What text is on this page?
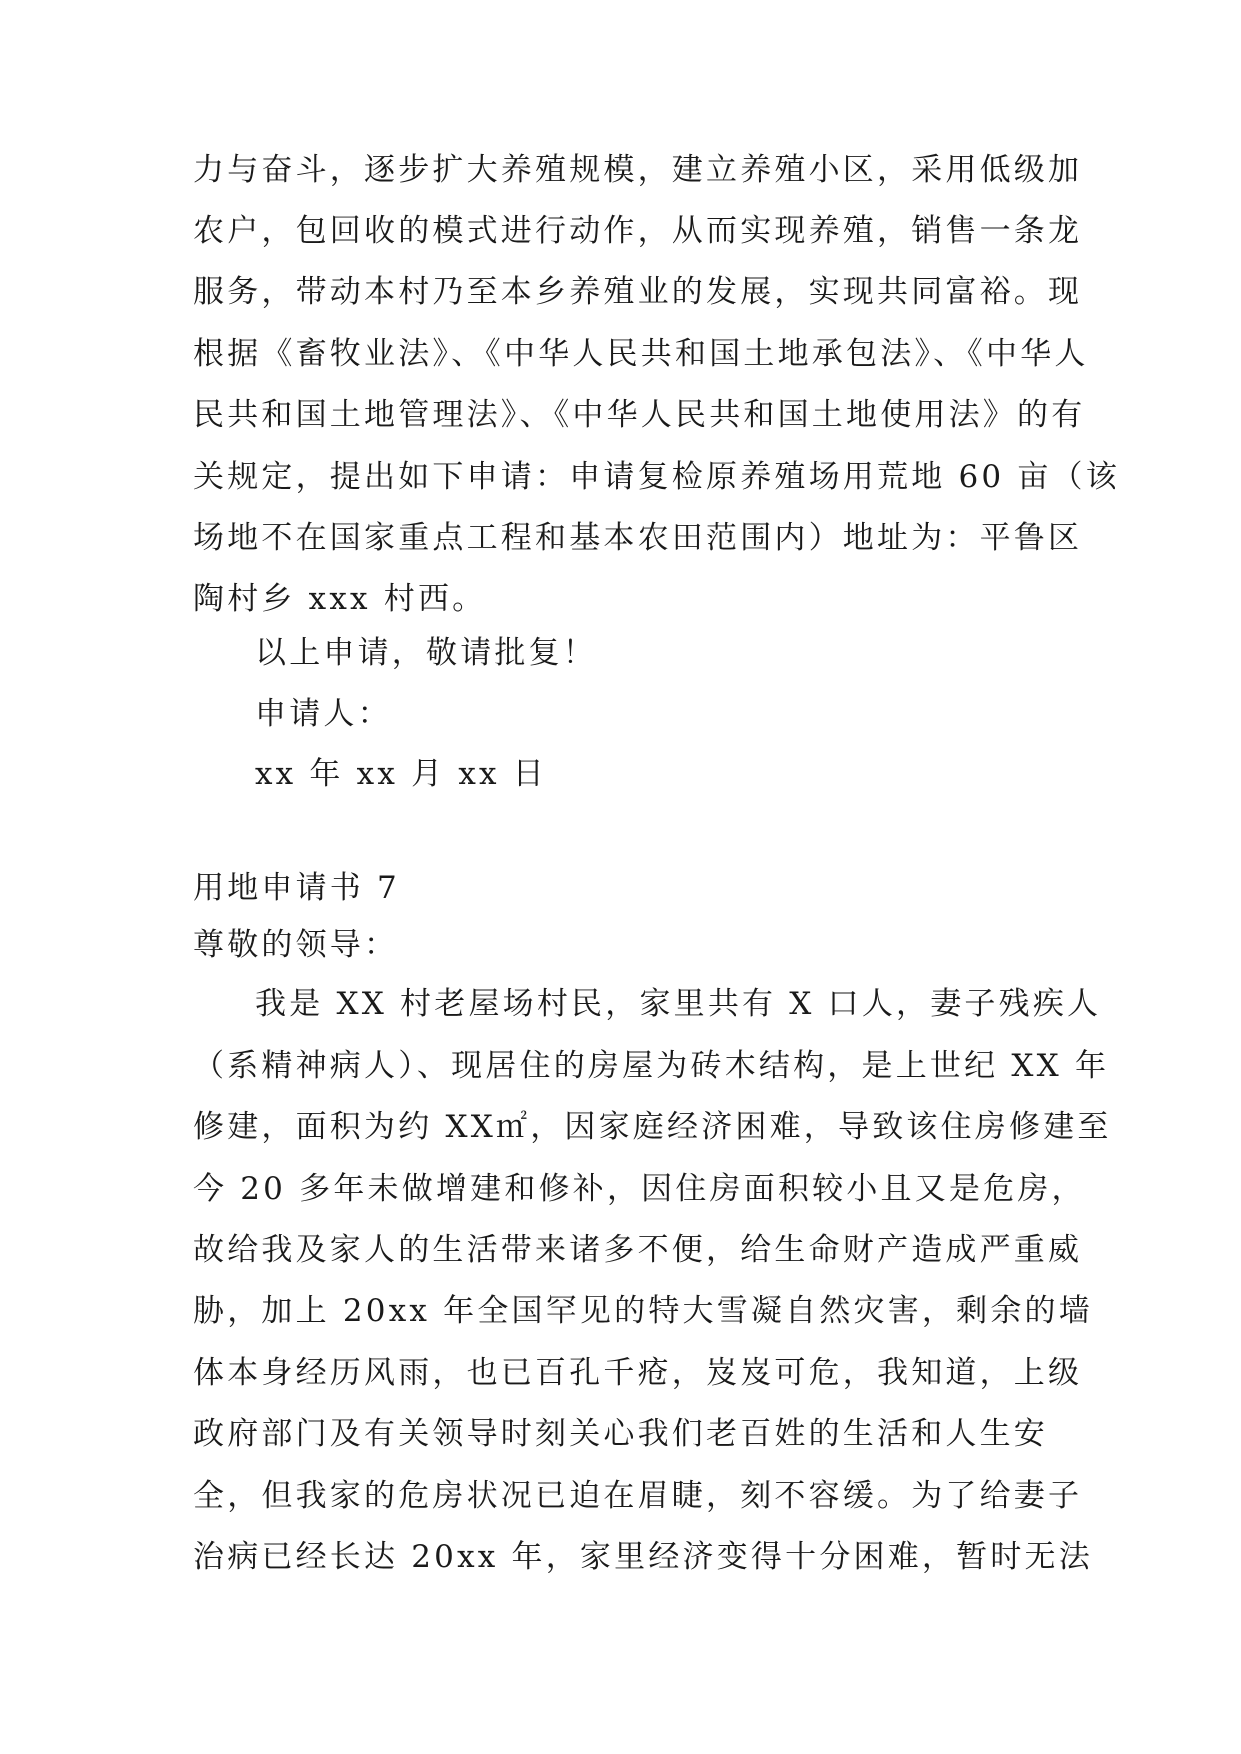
力与奋斗，逐步扩大养殖规模，建立养殖小区，采用低级加
农户，包回收的模式进行动作，从而实现养殖，销售一条龙
服务，带动本村乃至本乡养殖业的发展，实现共同富裕。现
根据《畜牧业法》、《中华人民共和国土地承包法》、《中华人
民共和国土地管理法》、《中华人民共和国土地使用法》的有
关规定，提出如下申请：申请复检原养殖场用荒地 60 亩（该
场地不在国家重点工程和基本农田范围内）地址为：平鲁区
陶村乡 xxx 村西。
以上申请，敬请批复！
申请人：
xx 年 xx 月 xx 日
用地申请书 7
尊敬的领导：
我是 XX 村老屋场村民，家里共有 X 口人，妻子残疾人
（系精神病人）、现居住的房屋为砖木结构，是上世纪 XX 年
修建，面积为约 XX㎡，因家庭经济困难，导致该住房修建至
今 20 多年未做增建和修补，因住房面积较小且又是危房，
故给我及家人的生活带来诸多不便，给生命财产造成严重威
胁，加上 20xx 年全国罕见的特大雪凝自然灾害，剩余的墙
体本身经历风雨，也已百孔千疮，岌岌可危，我知道，上级
政府部门及有关领导时刻关心我们老百姓的生活和人生安
全，但我家的危房状况已迫在眉睫，刻不容缓。为了给妻子
治病已经长达 20xx 年，家里经济变得十分困难，暂时无法
